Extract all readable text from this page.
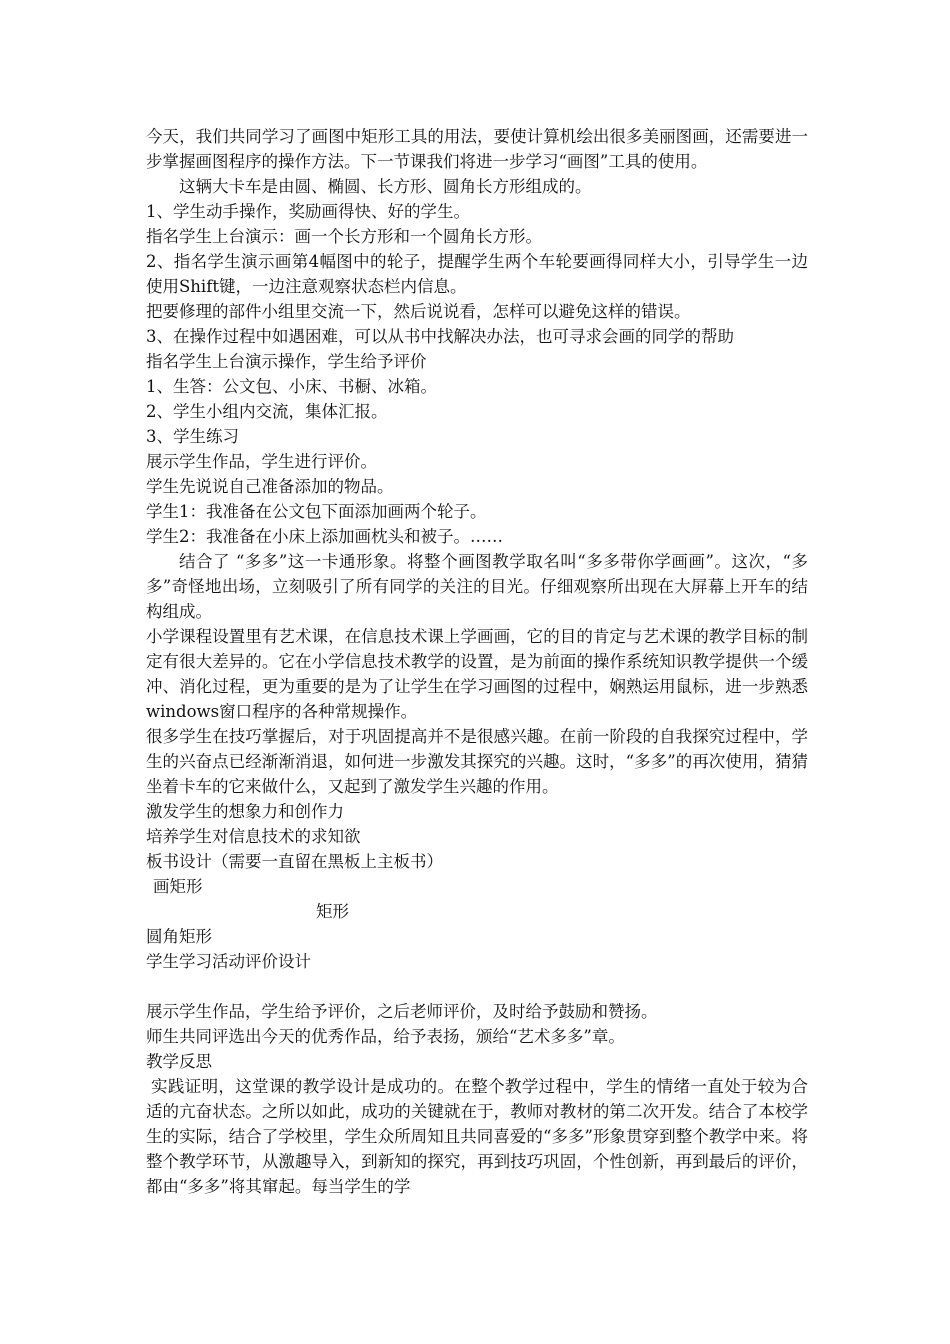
今天，我们共同学习了画图中矩形工具的用法，要使计算机绘出很多美丽图画，还需要进一步掌握画图程序的操作方法。下一节课我们将进一步学习“画图”工具的使用。

这辆大卡车是由圆、椭圆、长方形、圆角长方形组成的。

1、学生动手操作，奖励画得快、好的学生。

指名学生上台演示：画一个长方形和一个圆角长方形。

2、指名学生演示画第4幅图中的轮子，提醒学生两个车轮要画得同样大小，引导学生一边使用Shift键，一边注意观察状态栏内信息。

把要修理的部件小组里交流一下，然后说说看，怎样可以避免这样的错误。

3、在操作过程中如遇困难，可以从书中找解决办法，也可寻求会画的同学的帮助

指名学生上台演示操作，学生给予评价

1、生答：公文包、小床、书橱、冰箱。

2、学生小组内交流，集体汇报。

3、学生练习

展示学生作品，学生进行评价。

学生先说说自己准备添加的物品。

学生1：我准备在公文包下面添加画两个轮子。

学生2：我准备在小床上添加画枕头和被子。……

结合了 “多多”这一卡通形象。将整个画图教学取名叫“多多带你学画画”。这次，“多多”奇怪地出场，立刻吸引了所有同学的关注的目光。仔细观察所出现在大屏幕上开车的结构组成。

小学课程设置里有艺术课，在信息技术课上学画画，它的目的肯定与艺术课的教学目标的制定有很大差异的。它在小学信息技术教学的设置，是为前面的操作系统知识教学提供一个缓冲、消化过程，更为重要的是为了让学生在学习画图的过程中，娴熟运用鼠标，进一步熟悉windows窗口程序的各种常规操作。

很多学生在技巧掌握后，对于巩固提高并不是很感兴趣。在前一阶段的自我探究过程中，学生的兴奋点已经渐渐消退，如何进一步激发其探究的兴趣。这时，“多多”的再次使用，猜猜坐着卡车的它来做什么，又起到了激发学生兴趣的作用。

激发学生的想象力和创作力

培养学生对信息技术的求知欲

板书设计（需要一直留在黑板上主板书）

画矩形

矩形

圆角矩形

学生学习活动评价设计

展示学生作品，学生给予评价，之后老师评价，及时给予鼓励和赞扬。

师生共同评选出今天的优秀作品，给予表扬，颁给“艺术多多”章。

教学反思

实践证明，这堂课的教学设计是成功的。在整个教学过程中，学生的情绪一直处于较为合适的亢奋状态。之所以如此，成功的关键就在于，教师对教材的第二次开发。结合了本校学生的实际，结合了学校里，学生众所周知且共同喜爱的“多多”形象贯穿到整个教学中来。将整个教学环节，从激趣导入，到新知的探究，再到技巧巩固，个性创新，再到最后的评价，都由“多多”将其窜起。每当学生的学
